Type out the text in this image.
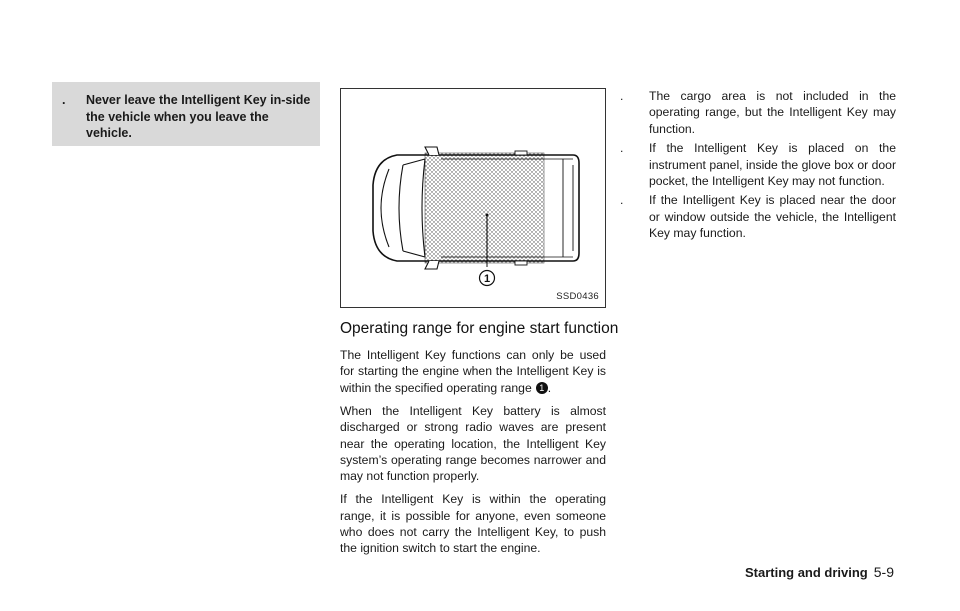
.	Never leave the Intelligent Key in-side the vehicle when you leave the vehicle.
1
SSD0436
Operating range for engine start function

The Intelligent Key functions can only be used for starting the engine when the Intelligent Key is within the specified operating range 1 .

When the Intelligent Key battery is almost discharged or strong radio waves are present near the operating location, the Intelligent Key system’s operating range becomes narrower and may not function properly.

If the Intelligent Key is within the operating range, it is possible for anyone, even someone who does not carry the Intelligent Key, to push the ignition switch to start the engine.

.	The cargo area is not included in the operating range, but the Intelligent Key may function.
.	If the Intelligent Key is placed on the instrument panel, inside the glove box or door pocket, the Intelligent Key may not function.
.	If the Intelligent Key is placed near the door or window outside the vehicle, the Intelligent Key may function.
Starting and driving 5-9
